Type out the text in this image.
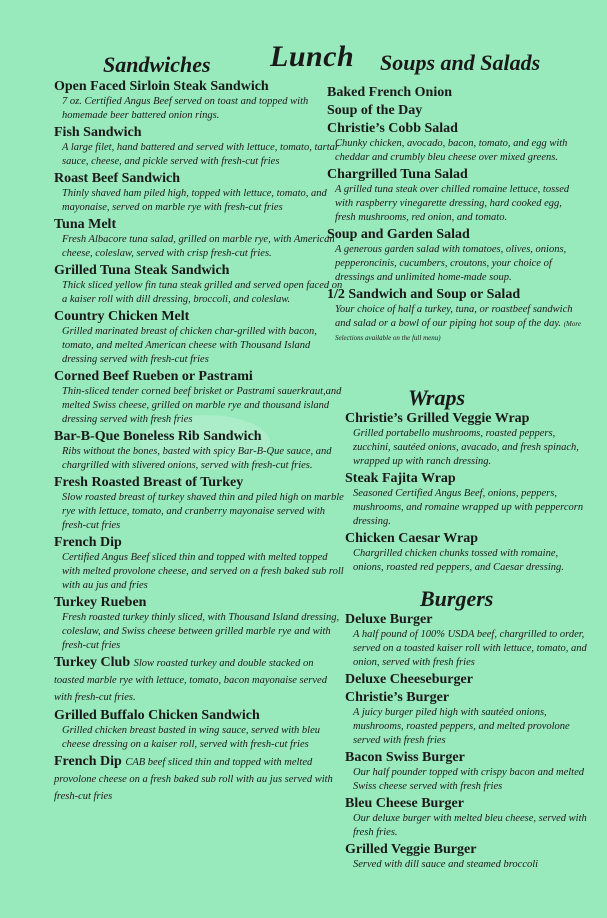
Lunch
Sandwiches	Soups and Salads
Wraps
Burgers
Open Faced Sirloin Steak Sandwich
7 oz. Certified Angus Beef served on toast and topped with homemade beer battered onion rings.
Fish Sandwich
A large filet, hand battered and served with lettuce, tomato, tartar sauce, cheese, and pickle served with fresh-cut fries
Roast Beef Sandwich
Thinly shaved ham piled high, topped with lettuce, tomato, and mayonaise, served on marble rye with fresh-cut fries
Tuna Melt
Fresh Albacore tuna salad, grilled on marble rye, with American cheese, coleslaw, served with crisp fresh-cut fries.
Grilled Tuna Steak Sandwich
Thick sliced yellow fin tuna steak grilled and served open faced on a kaiser roll with dill dressing, broccoli, and coleslaw.
Country Chicken Melt
Grilled marinated breast of chicken char-grilled with bacon, tomato, and melted American cheese with Thousand Island dressing served with fresh-cut fries
Corned Beef Rueben or Pastrami
Thin-sliced tender corned beef brisket or Pastrami sauerkraut,and melted Swiss cheese, grilled on marble rye and thousand island dressing served with fresh fries
Bar-B-Que Boneless Rib Sandwich
Ribs without the bones, basted with spicy Bar-B-Que sauce, and chargrilled with slivered onions, served with fresh-cut fries.
Fresh Roasted Breast of Turkey
Slow roasted breast of turkey shaved thin and piled high on marble rye with lettuce, tomato, and cranberry mayonaise served with fresh-cut fries
French Dip
Certified Angus Beef sliced thin and topped with melted topped with melted provolone cheese, and served on a fresh baked sub roll with au jus and fries
Turkey Rueben
Fresh roasted turkey thinly sliced, with Thousand Island dressing, coleslaw, and Swiss cheese between grilled marble rye and with fresh-cut fries
Turkey Club Slow roasted turkey and double stacked on toasted marble rye with lettuce, tomato, bacon mayonaise served with fresh-cut fries.
Grilled Buffalo Chicken Sandwich
Grilled chicken breast basted in wing sauce, served with bleu cheese dressing on a kaiser roll, served with fresh-cut fries
French Dip CAB beef sliced thin and topped with melted provolone cheese on a fresh baked sub roll with au jus served with fresh-cut fries
Baked French Onion
Soup of the Day
Christie’s Cobb Salad
Chunky chicken, avocado, bacon, tomato, and egg with cheddar and crumbly bleu cheese over mixed greens.
Chargrilled Tuna Salad
A grilled tuna steak over chilled romaine lettuce, tossed with raspberry vinegarette dressing, hard cooked egg, fresh mushrooms, red onion, and tomato.
Soup and Garden Salad
A generous garden salad with tomatoes, olives, onions, pepperoncinis, cucumbers, croutons, your choice of dressings and unlimited home-made soup.
1/2 Sandwich and Soup or Salad
Your choice of half a turkey, tuna, or roastbeef sandwich and salad or a bowl of our piping hot soup of the day. (More Selections available on the full menu)
Christie’s Grilled Veggie Wrap
Grilled portabello mushrooms, roasted peppers, zucchini, sautéed onions, avacado, and fresh spinach, wrapped up with ranch dressing.
Steak Fajita Wrap
Seasoned Certified Angus Beef, onions, peppers, mushrooms, and romaine wrapped up with peppercorn dressing.
Chicken Caesar Wrap
Chargrilled chicken chunks tossed with romaine, onions, roasted red peppers, and Caesar dressing.
Deluxe Burger
A half pound of 100% USDA beef, chargrilled to order, served on a toasted kaiser roll with lettuce, tomato, and onion, served with fresh fries
Deluxe Cheeseburger
Christie’s Burger
A juicy burger piled high with sautéed onions, mushrooms, roasted peppers, and melted provolone served with fresh fries
Bacon Swiss Burger
Our half pounder topped with crispy bacon and melted Swiss cheese served with fresh fries
Bleu Cheese Burger
Our deluxe burger with melted bleu cheese, served with fresh fries.
Grilled Veggie Burger
Served with dill sauce and steamed broccoli
